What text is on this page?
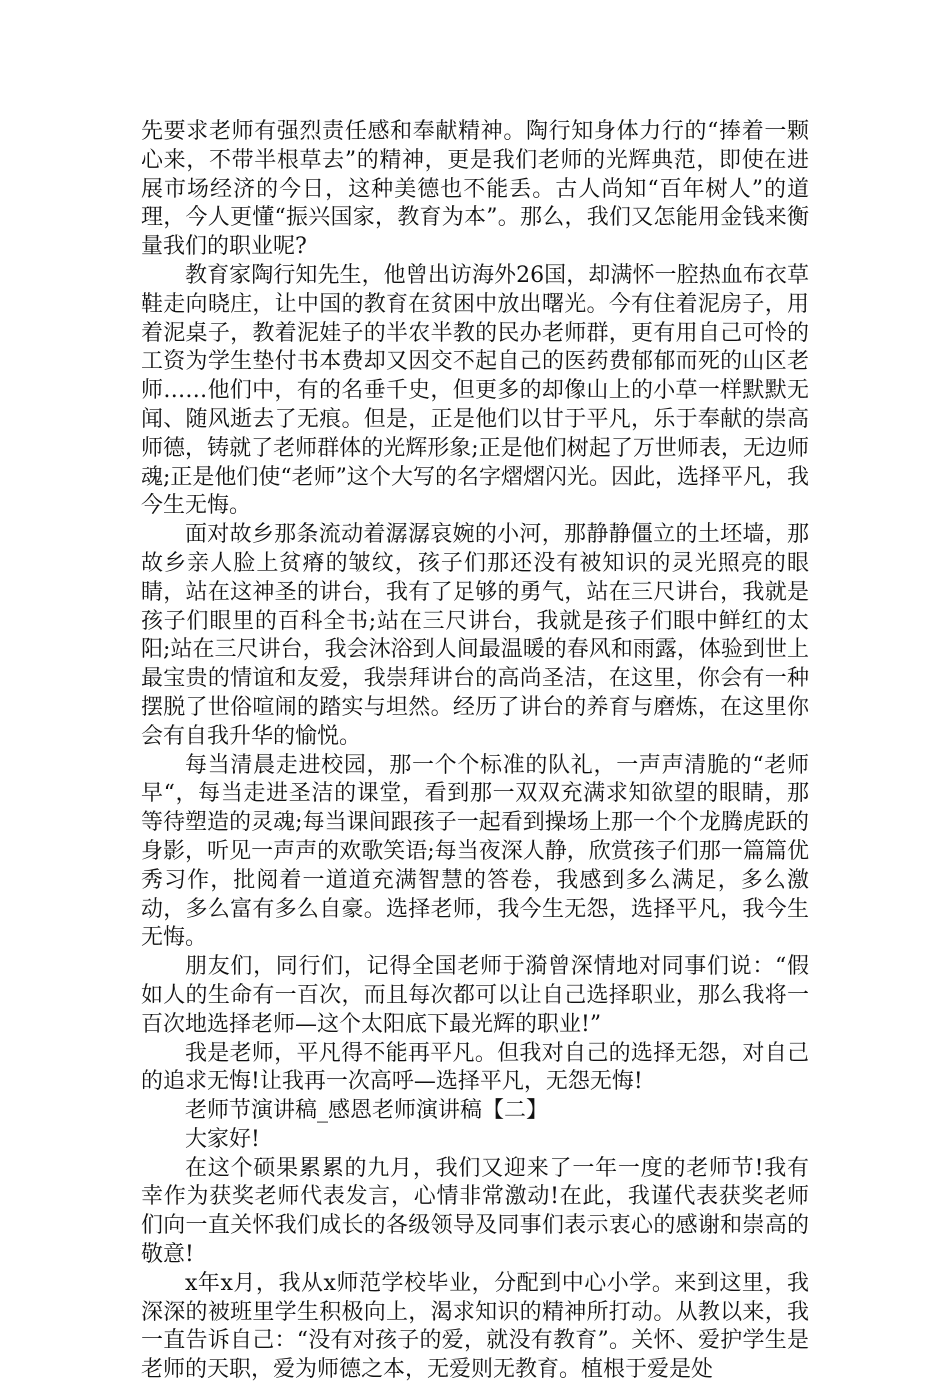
先要求老师有强烈责任感和奉献精神。陶行知身体力行的“捧着一颗心来，不带半根草去”的精神，更是我们老师的光辉典范，即使在进展市场经济的今日，这种美德也不能丢。古人尚知“百年树人”的道理，今人更懂“振兴国家，教育为本”。那么，我们又怎能用金钱来衡量我们的职业呢?

教育家陶行知先生，他曾出访海外26国，却满怀一腔热血布衣草鞋走向晓庄，让中国的教育在贫困中放出曙光。今有住着泥房子，用着泥桌子，教着泥娃子的半农半教的民办老师群，更有用自己可怜的工资为学生垫付书本费却又因交不起自己的医药费郁郁而死的山区老师……他们中，有的名垂千史，但更多的却像山上的小草一样默默无闻、随风逝去了无痕。但是，正是他们以甘于平凡，乐于奉献的崇高师德，铸就了老师群体的光辉形象;正是他们树起了万世师表，无边师魂;正是他们使“老师”这个大写的名字熠熠闪光。因此，选择平凡，我今生无悔。

面对故乡那条流动着潺潺哀婉的小河，那静静僵立的土坯墙，那故乡亲人脸上贫瘠的皱纹，孩子们那还没有被知识的灵光照亮的眼睛，站在这神圣的讲台，我有了足够的勇气，站在三尺讲台，我就是孩子们眼里的百科全书;站在三尺讲台，我就是孩子们眼中鲜红的太阳;站在三尺讲台，我会沐浴到人间最温暖的春风和雨露，体验到世上最宝贵的情谊和友爱，我崇拜讲台的高尚圣洁，在这里，你会有一种摆脱了世俗喧闹的踏实与坦然。经历了讲台的养育与磨炼，在这里你会有自我升华的愉悦。

每当清晨走进校园，那一个个标准的队礼，一声声清脆的“老师早“，每当走进圣洁的课堂，看到那一双双充满求知欲望的眼睛，那等待塑造的灵魂;每当课间跟孩子一起看到操场上那一个个龙腾虎跃的身影，听见一声声的欢歌笑语;每当夜深人静，欣赏孩子们那一篇篇优秀习作，批阅着一道道充满智慧的答卷，我感到多么满足，多么激动，多么富有多么自豪。选择老师，我今生无怨，选择平凡，我今生无悔。

朋友们，同行们，记得全国老师于漪曾深情地对同事们说：“假如人的生命有一百次，而且每次都可以让自己选择职业，那么我将一百次地选择老师—这个太阳底下最光辉的职业!”

我是老师，平凡得不能再平凡。但我对自己的选择无怨，对自己的追求无悔!让我再一次高呼—选择平凡，无怨无悔!

老师节演讲稿_感恩老师演讲稿【二】

大家好!

在这个硕果累累的九月，我们又迎来了一年一度的老师节!我有幸作为获奖老师代表发言，心情非常激动!在此，我谨代表获奖老师们向一直关怀我们成长的各级领导及同事们表示衷心的感谢和崇高的敬意!

x年x月，我从x师范学校毕业，分配到中心小学。来到这里，我深深的被班里学生积极向上，渴求知识的精神所打动。从教以来，我一直告诉自己：“没有对孩子的爱，就没有教育”。关怀、爱护学生是老师的天职，爱为师德之本，无爱则无教育。植根于爱是处
